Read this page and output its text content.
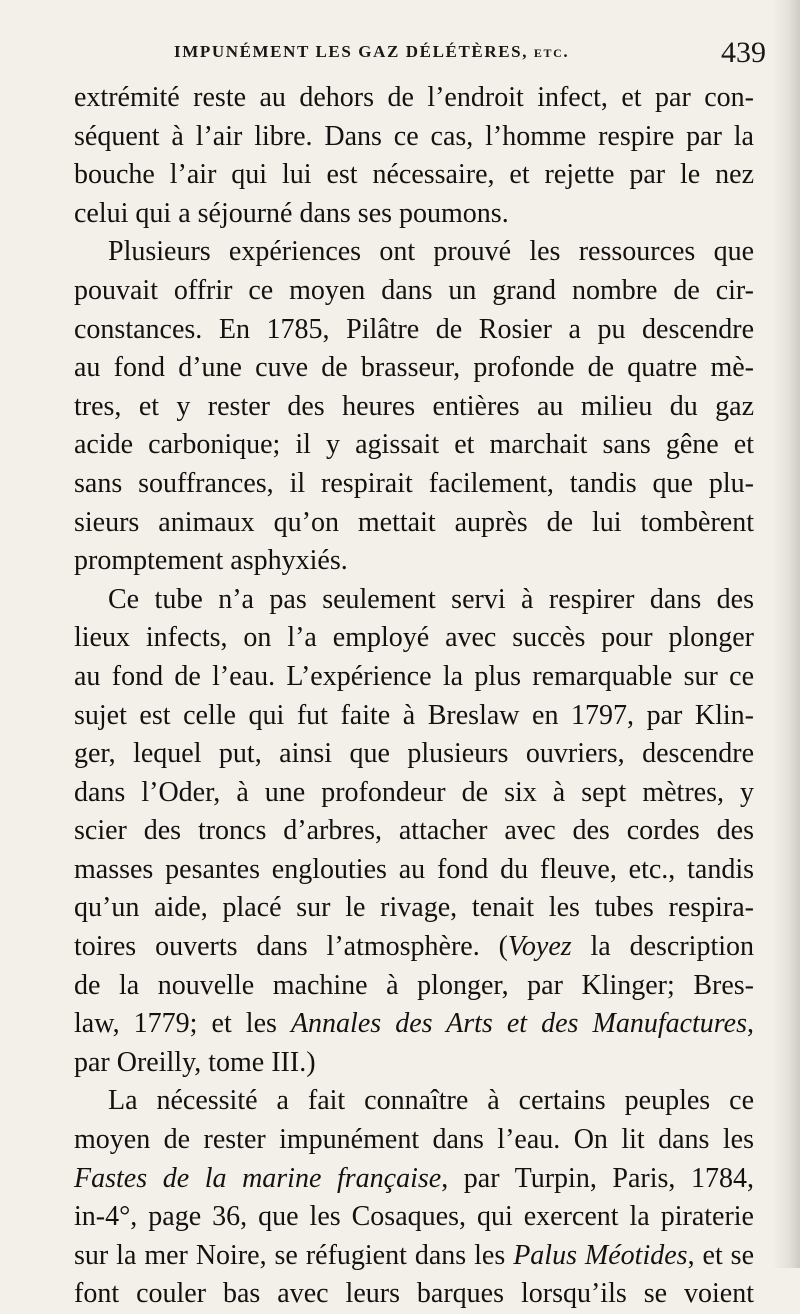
IMPUNÉMENT LES GAZ DÉLÉTÈRES, etc.	439
extrémité reste au dehors de l’endroit infect, et par con-
séquent à l’air libre. Dans ce cas, l’homme respire par la
bouche l’air qui lui est nécessaire, et rejette par le nez
celui qui a séjourné dans ses poumons.
Plusieurs expériences ont prouvé les ressources que
pouvait offrir ce moyen dans un grand nombre de cir-
constances. En 1785, Pilâtre de Rosier a pu descendre
au fond d’une cuve de brasseur, profonde de quatre mè-
tres, et y rester des heures entières au milieu du gaz
acide carbonique; il y agissait et marchait sans gêne et
sans souffrances, il respirait facilement, tandis que plu-
sieurs animaux qu’on mettait auprès de lui tombèrent
promptement asphyxiés.
Ce tube n’a pas seulement servi à respirer dans des
lieux infects, on l’a employé avec succès pour plonger
au fond de l’eau. L’expérience la plus remarquable sur ce
sujet est celle qui fut faite à Breslaw en 1797, par Klin-
ger, lequel put, ainsi que plusieurs ouvriers, descendre
dans l’Oder, à une profondeur de six à sept mètres, y
scier des troncs d’arbres, attacher avec des cordes des
masses pesantes englouties au fond du fleuve, etc., tandis
qu’un aide, placé sur le rivage, tenait les tubes respira-
toires ouverts dans l’atmosphère. (Voyez la description
de la nouvelle machine à plonger, par Klinger; Bres-
law, 1779; et les Annales des Arts et des Manufactures,
par Oreilly, tome III.)
La nécessité a fait connaître à certains peuples ce
moyen de rester impunément dans l’eau. On lit dans les
Fastes de la marine française, par Turpin, Paris, 1784,
in-4°, page 36, que les Cosaques, qui exercent la piraterie
sur la mer Noire, se réfugient dans les Palus Méotides, et se
font couler bas avec leurs barques lorsqu’ils se voient
